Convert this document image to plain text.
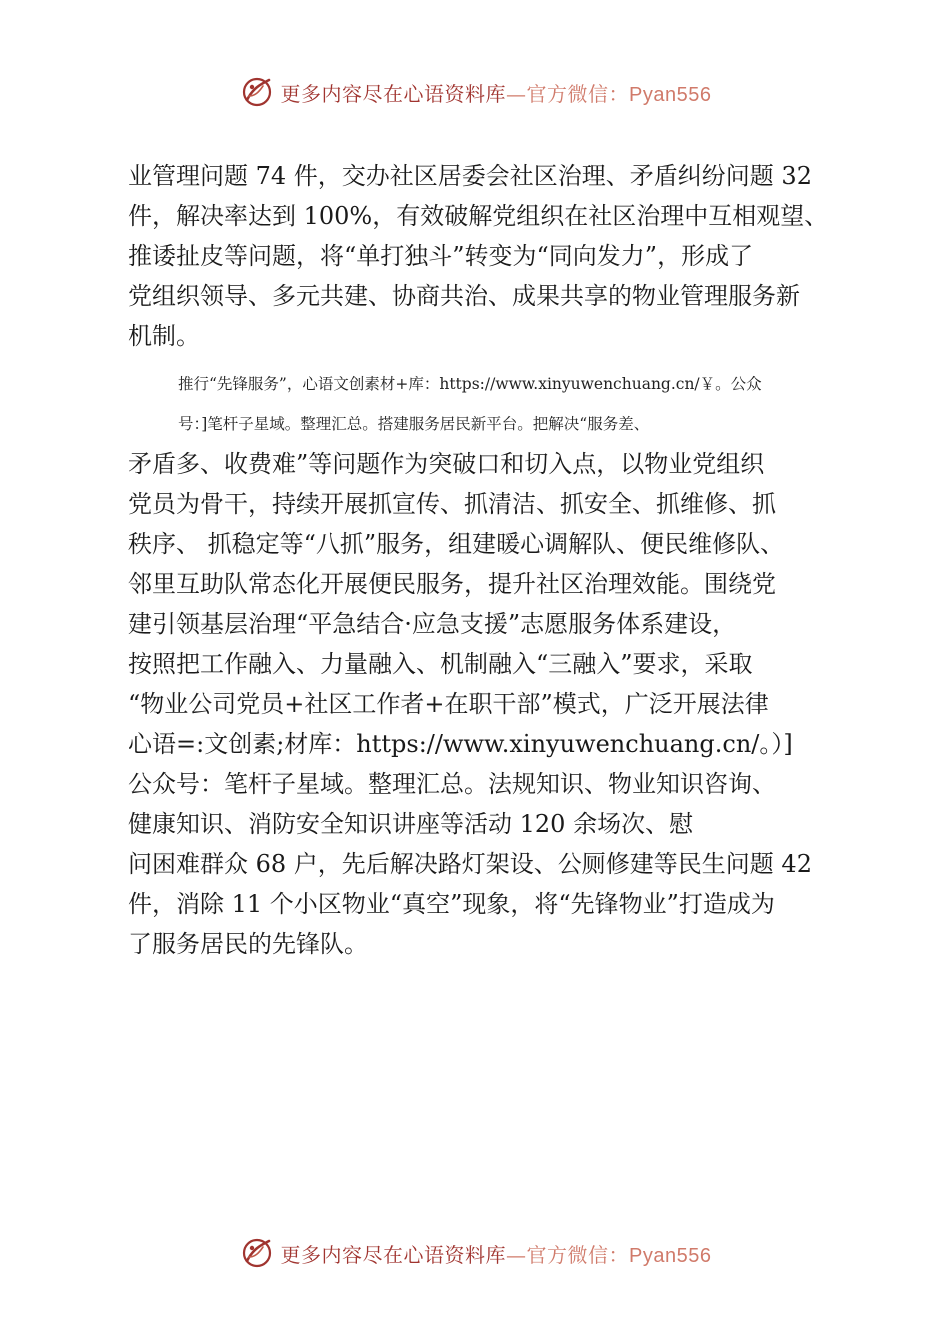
更多内容尽在心语资料库—官方微信：Pyan556
业管理问题 74 件，交办社区居委会社区治理、矛盾纠纷问题 32
件，解决率达到 100%，有效破解党组织在社区治理中互相观望、
推诿扯皮等问题，将“单打独斗”转变为“同向发力”，形成了
党组织领导、多元共建、协商共治、成果共享的物业管理服务新
机制。
推行“先锋服务”，心语文创素材+库：https://www.xinyuwenchuang.cn/￥。公众
号：]笔杆子星域。整理汇总。搭建服务居民新平台。把解决“服务差、
矛盾多、收费难”等问题作为突破口和切入点，以物业党组织
党员为骨干，持续开展抓宣传、抓清洁、抓安全、抓维修、抓
秩序、 抓稳定等“八抓”服务，组建暖心调解队、便民维修队、
邻里互助队常态化开展便民服务，提升社区治理效能。围绕党
建引领基层治理“平急结合·应急支援”志愿服务体系建设，
按照把工作融入、力量融入、机制融入“三融入”要求，采取
“物业公司党员+社区工作者+在职干部”模式，广泛开展法律
心语=:文创素;材库：https://www.xinyuwenchuang.cn/。）]
公众号：笔杆子星域。整理汇总。法规知识、物业知识咨询、
健康知识、消防安全知识讲座等活动 120 余场次、慰
问困难群众 68 户，先后解决路灯架设、公厕修建等民生问题 42
件，消除 11 个小区物业“真空”现象，将“先锋物业”打造成为
了服务居民的先锋队。
更多内容尽在心语资料库—官方微信：Pyan556
